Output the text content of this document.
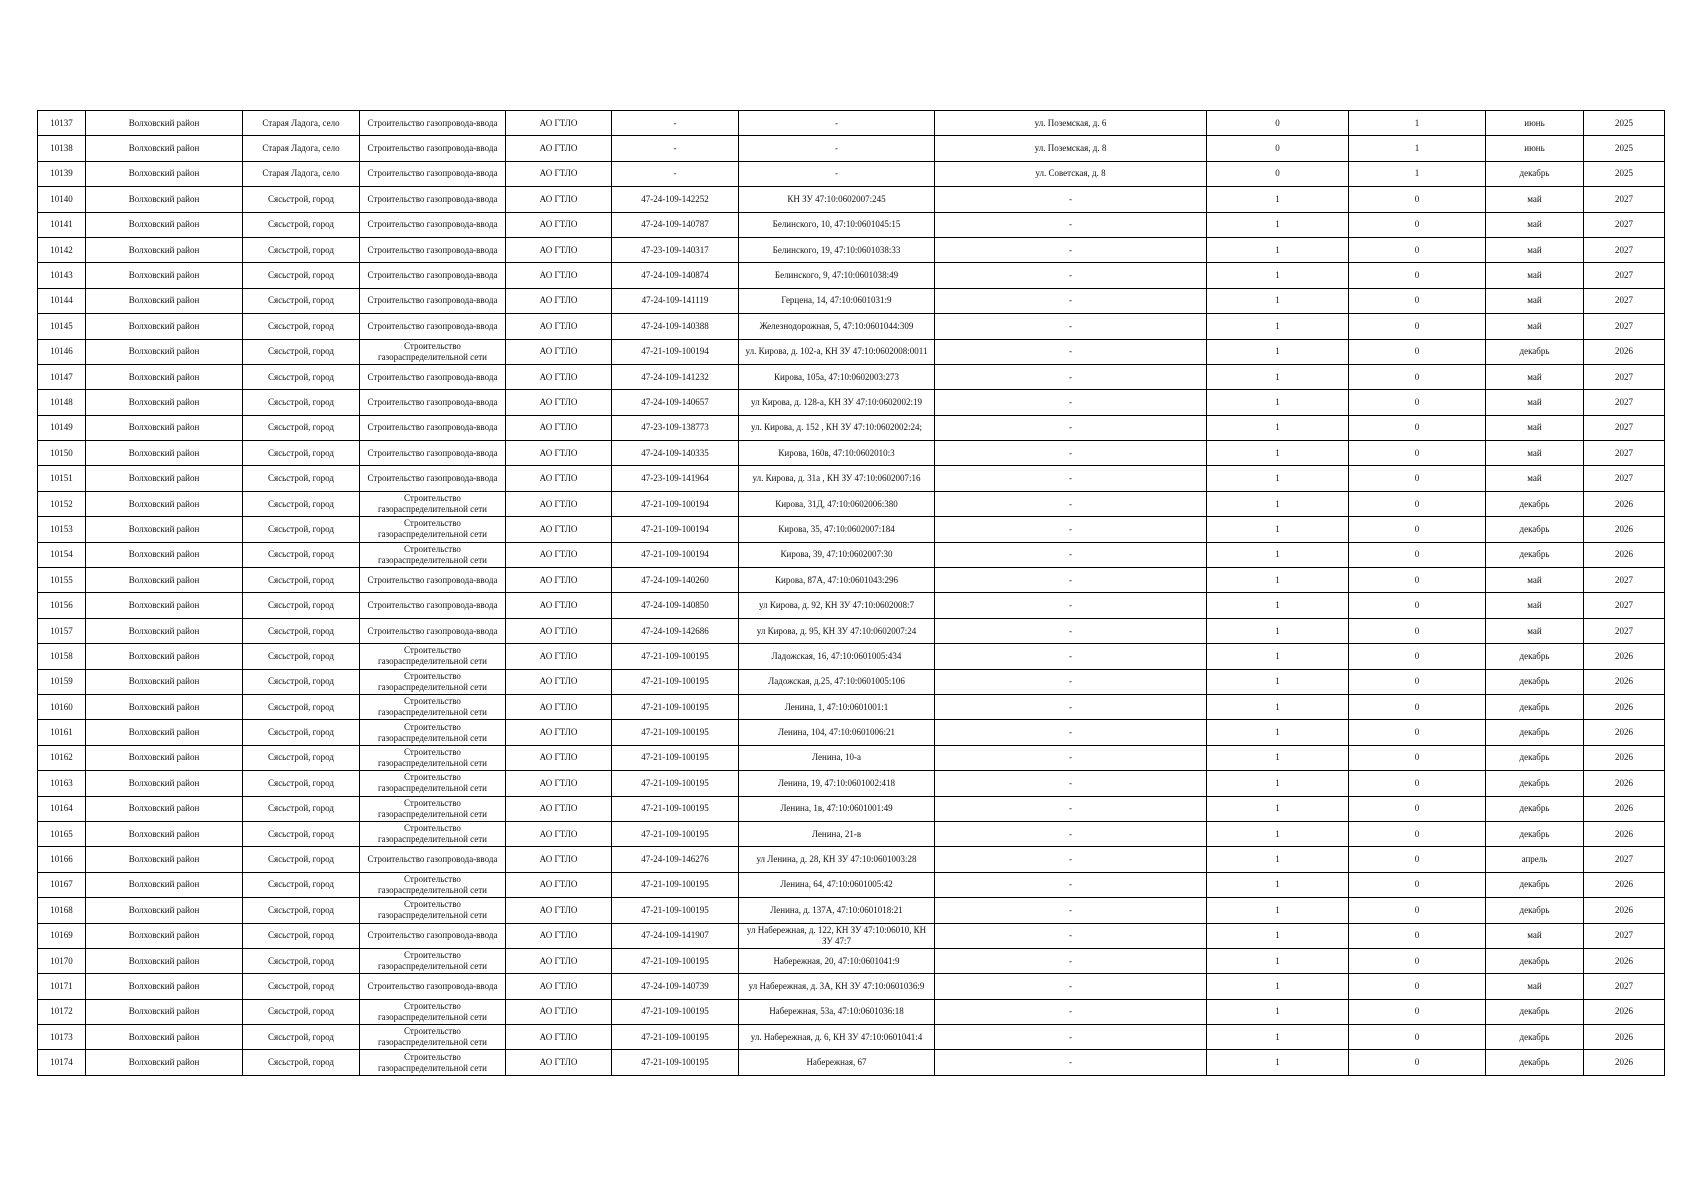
10137	Волховский район	Старая Ладога, село	Строительство газопровода-ввода	АО ГТЛО	-	-	ул. Поземская, д. 6	0	1	июнь	2025
10138	Волховский район	Старая Ладога, село	Строительство газопровода-ввода	АО ГТЛО	-	-	ул. Поземская, д. 8	0	1	июнь	2025
10139	Волховский район	Старая Ладога, село	Строительство газопровода-ввода	АО ГТЛО	-	-	ул. Советская, д. 8	0	1	декабрь	2025
10140	Волховский район	Сясьстрой, город	Строительство газопровода-ввода	АО ГТЛО	47-24-109-142252	КН ЗУ 47:10:0602007:245	-	1	0	май	2027
10141	Волховский район	Сясьстрой, город	Строительство газопровода-ввода	АО ГТЛО	47-24-109-140787	Белинского, 10, 47:10:0601045:15	-	1	0	май	2027
10142	Волховский район	Сясьстрой, город	Строительство газопровода-ввода	АО ГТЛО	47-23-109-140317	Белинского, 19, 47:10:0601038:33	-	1	0	май	2027
10143	Волховский район	Сясьстрой, город	Строительство газопровода-ввода	АО ГТЛО	47-24-109-140874	Белинского, 9, 47:10:0601038:49	-	1	0	май	2027
10144	Волховский район	Сясьстрой, город	Строительство газопровода-ввода	АО ГТЛО	47-24-109-141119	Герцена, 14, 47:10:0601031:9	-	1	0	май	2027
10145	Волховский район	Сясьстрой, город	Строительство газопровода-ввода	АО ГТЛО	47-24-109-140388	Железнодорожная, 5, 47:10:0601044:309	-	1	0	май	2027
10146	Волховский район	Сясьстрой, город	Строительство газораспределительной сети	АО ГТЛО	47-21-109-100194	ул. Кирова, д. 102-а, КН ЗУ 47:10:0602008:0011	-	1	0	декабрь	2026
10147	Волховский район	Сясьстрой, город	Строительство газопровода-ввода	АО ГТЛО	47-24-109-141232	Кирова, 105а, 47:10:0602003:273	-	1	0	май	2027
10148	Волховский район	Сясьстрой, город	Строительство газопровода-ввода	АО ГТЛО	47-24-109-140657	ул Кирова, д. 128-а, КН ЗУ 47:10:0602002:19	-	1	0	май	2027
10149	Волховский район	Сясьстрой, город	Строительство газопровода-ввода	АО ГТЛО	47-23-109-138773	ул. Кирова, д. 152 , КН ЗУ 47:10:0602002:24;	-	1	0	май	2027
10150	Волховский район	Сясьстрой, город	Строительство газопровода-ввода	АО ГТЛО	47-24-109-140335	Кирова, 160в, 47:10:0602010:3	-	1	0	май	2027
10151	Волховский район	Сясьстрой, город	Строительство газопровода-ввода	АО ГТЛО	47-23-109-141964	ул. Кирова, д. 31а , КН ЗУ 47:10:0602007:16	-	1	0	май	2027
10152	Волховский район	Сясьстрой, город	Строительство газораспределительной сети	АО ГТЛО	47-21-109-100194	Кирова, 31Д, 47:10:0602006:380	-	1	0	декабрь	2026
10153	Волховский район	Сясьстрой, город	Строительство газораспределительной сети	АО ГТЛО	47-21-109-100194	Кирова, 35, 47:10:0602007:184	-	1	0	декабрь	2026
10154	Волховский район	Сясьстрой, город	Строительство газораспределительной сети	АО ГТЛО	47-21-109-100194	Кирова, 39, 47:10:0602007:30	-	1	0	декабрь	2026
10155	Волховский район	Сясьстрой, город	Строительство газопровода-ввода	АО ГТЛО	47-24-109-140260	Кирова, 87А, 47:10:0601043:296	-	1	0	май	2027
10156	Волховский район	Сясьстрой, город	Строительство газопровода-ввода	АО ГТЛО	47-24-109-140850	ул Кирова, д. 92, КН ЗУ 47:10:0602008:7	-	1	0	май	2027
10157	Волховский район	Сясьстрой, город	Строительство газопровода-ввода	АО ГТЛО	47-24-109-142686	ул Кирова, д. 95, КН ЗУ 47:10:0602007:24	-	1	0	май	2027
10158	Волховский район	Сясьстрой, город	Строительство газораспределительной сети	АО ГТЛО	47-21-109-100195	Ладожская, 16, 47:10:0601005:434	-	1	0	декабрь	2026
10159	Волховский район	Сясьстрой, город	Строительство газораспределительной сети	АО ГТЛО	47-21-109-100195	Ладожская, д.25, 47:10:0601005:106	-	1	0	декабрь	2026
10160	Волховский район	Сясьстрой, город	Строительство газораспределительной сети	АО ГТЛО	47-21-109-100195	Ленина, 1, 47:10:0601001:1	-	1	0	декабрь	2026
10161	Волховский район	Сясьстрой, город	Строительство газораспределительной сети	АО ГТЛО	47-21-109-100195	Ленина, 104, 47:10:0601006:21	-	1	0	декабрь	2026
10162	Волховский район	Сясьстрой, город	Строительство газораспределительной сети	АО ГТЛО	47-21-109-100195	Ленина, 10-а	-	1	0	декабрь	2026
10163	Волховский район	Сясьстрой, город	Строительство газораспределительной сети	АО ГТЛО	47-21-109-100195	Ленина, 19, 47:10:0601002:418	-	1	0	декабрь	2026
10164	Волховский район	Сясьстрой, город	Строительство газораспределительной сети	АО ГТЛО	47-21-109-100195	Ленина, 1в, 47:10:0601001:49	-	1	0	декабрь	2026
10165	Волховский район	Сясьстрой, город	Строительство газораспределительной сети	АО ГТЛО	47-21-109-100195	Ленина, 21-в	-	1	0	декабрь	2026
10166	Волховский район	Сясьстрой, город	Строительство газопровода-ввода	АО ГТЛО	47-24-109-146276	ул Ленина, д. 28, КН ЗУ 47:10:0601003:28	-	1	0	апрель	2027
10167	Волховский район	Сясьстрой, город	Строительство газораспределительной сети	АО ГТЛО	47-21-109-100195	Ленина, 64, 47:10:0601005:42	-	1	0	декабрь	2026
10168	Волховский район	Сясьстрой, город	Строительство газораспределительной сети	АО ГТЛО	47-21-109-100195	Ленина, д. 137А, 47:10:0601018:21	-	1	0	декабрь	2026
10169	Волховский район	Сясьстрой, город	Строительство газопровода-ввода	АО ГТЛО	47-24-109-141907	ул Набережная, д. 122, КН ЗУ 47:10:06010, КН ЗУ 47:7	-	1	0	май	2027
10170	Волховский район	Сясьстрой, город	Строительство газораспределительной сети	АО ГТЛО	47-21-109-100195	Набережная, 20, 47:10:0601041:9	-	1	0	декабрь	2026
10171	Волховский район	Сясьстрой, город	Строительство газопровода-ввода	АО ГТЛО	47-24-109-140739	ул Набережная, д. 3А, КН ЗУ 47:10:0601036:9	-	1	0	май	2027
10172	Волховский район	Сясьстрой, город	Строительство газораспределительной сети	АО ГТЛО	47-21-109-100195	Набережная, 53а, 47:10:0601036:18	-	1	0	декабрь	2026
10173	Волховский район	Сясьстрой, город	Строительство газораспределительной сети	АО ГТЛО	47-21-109-100195	ул. Набережная, д. 6, КН ЗУ 47:10:0601041:4	-	1	0	декабрь	2026
10174	Волховский район	Сясьстрой, город	Строительство газораспределительной сети	АО ГТЛО	47-21-109-100195	Набережная, 67	-	1	0	декабрь	2026
